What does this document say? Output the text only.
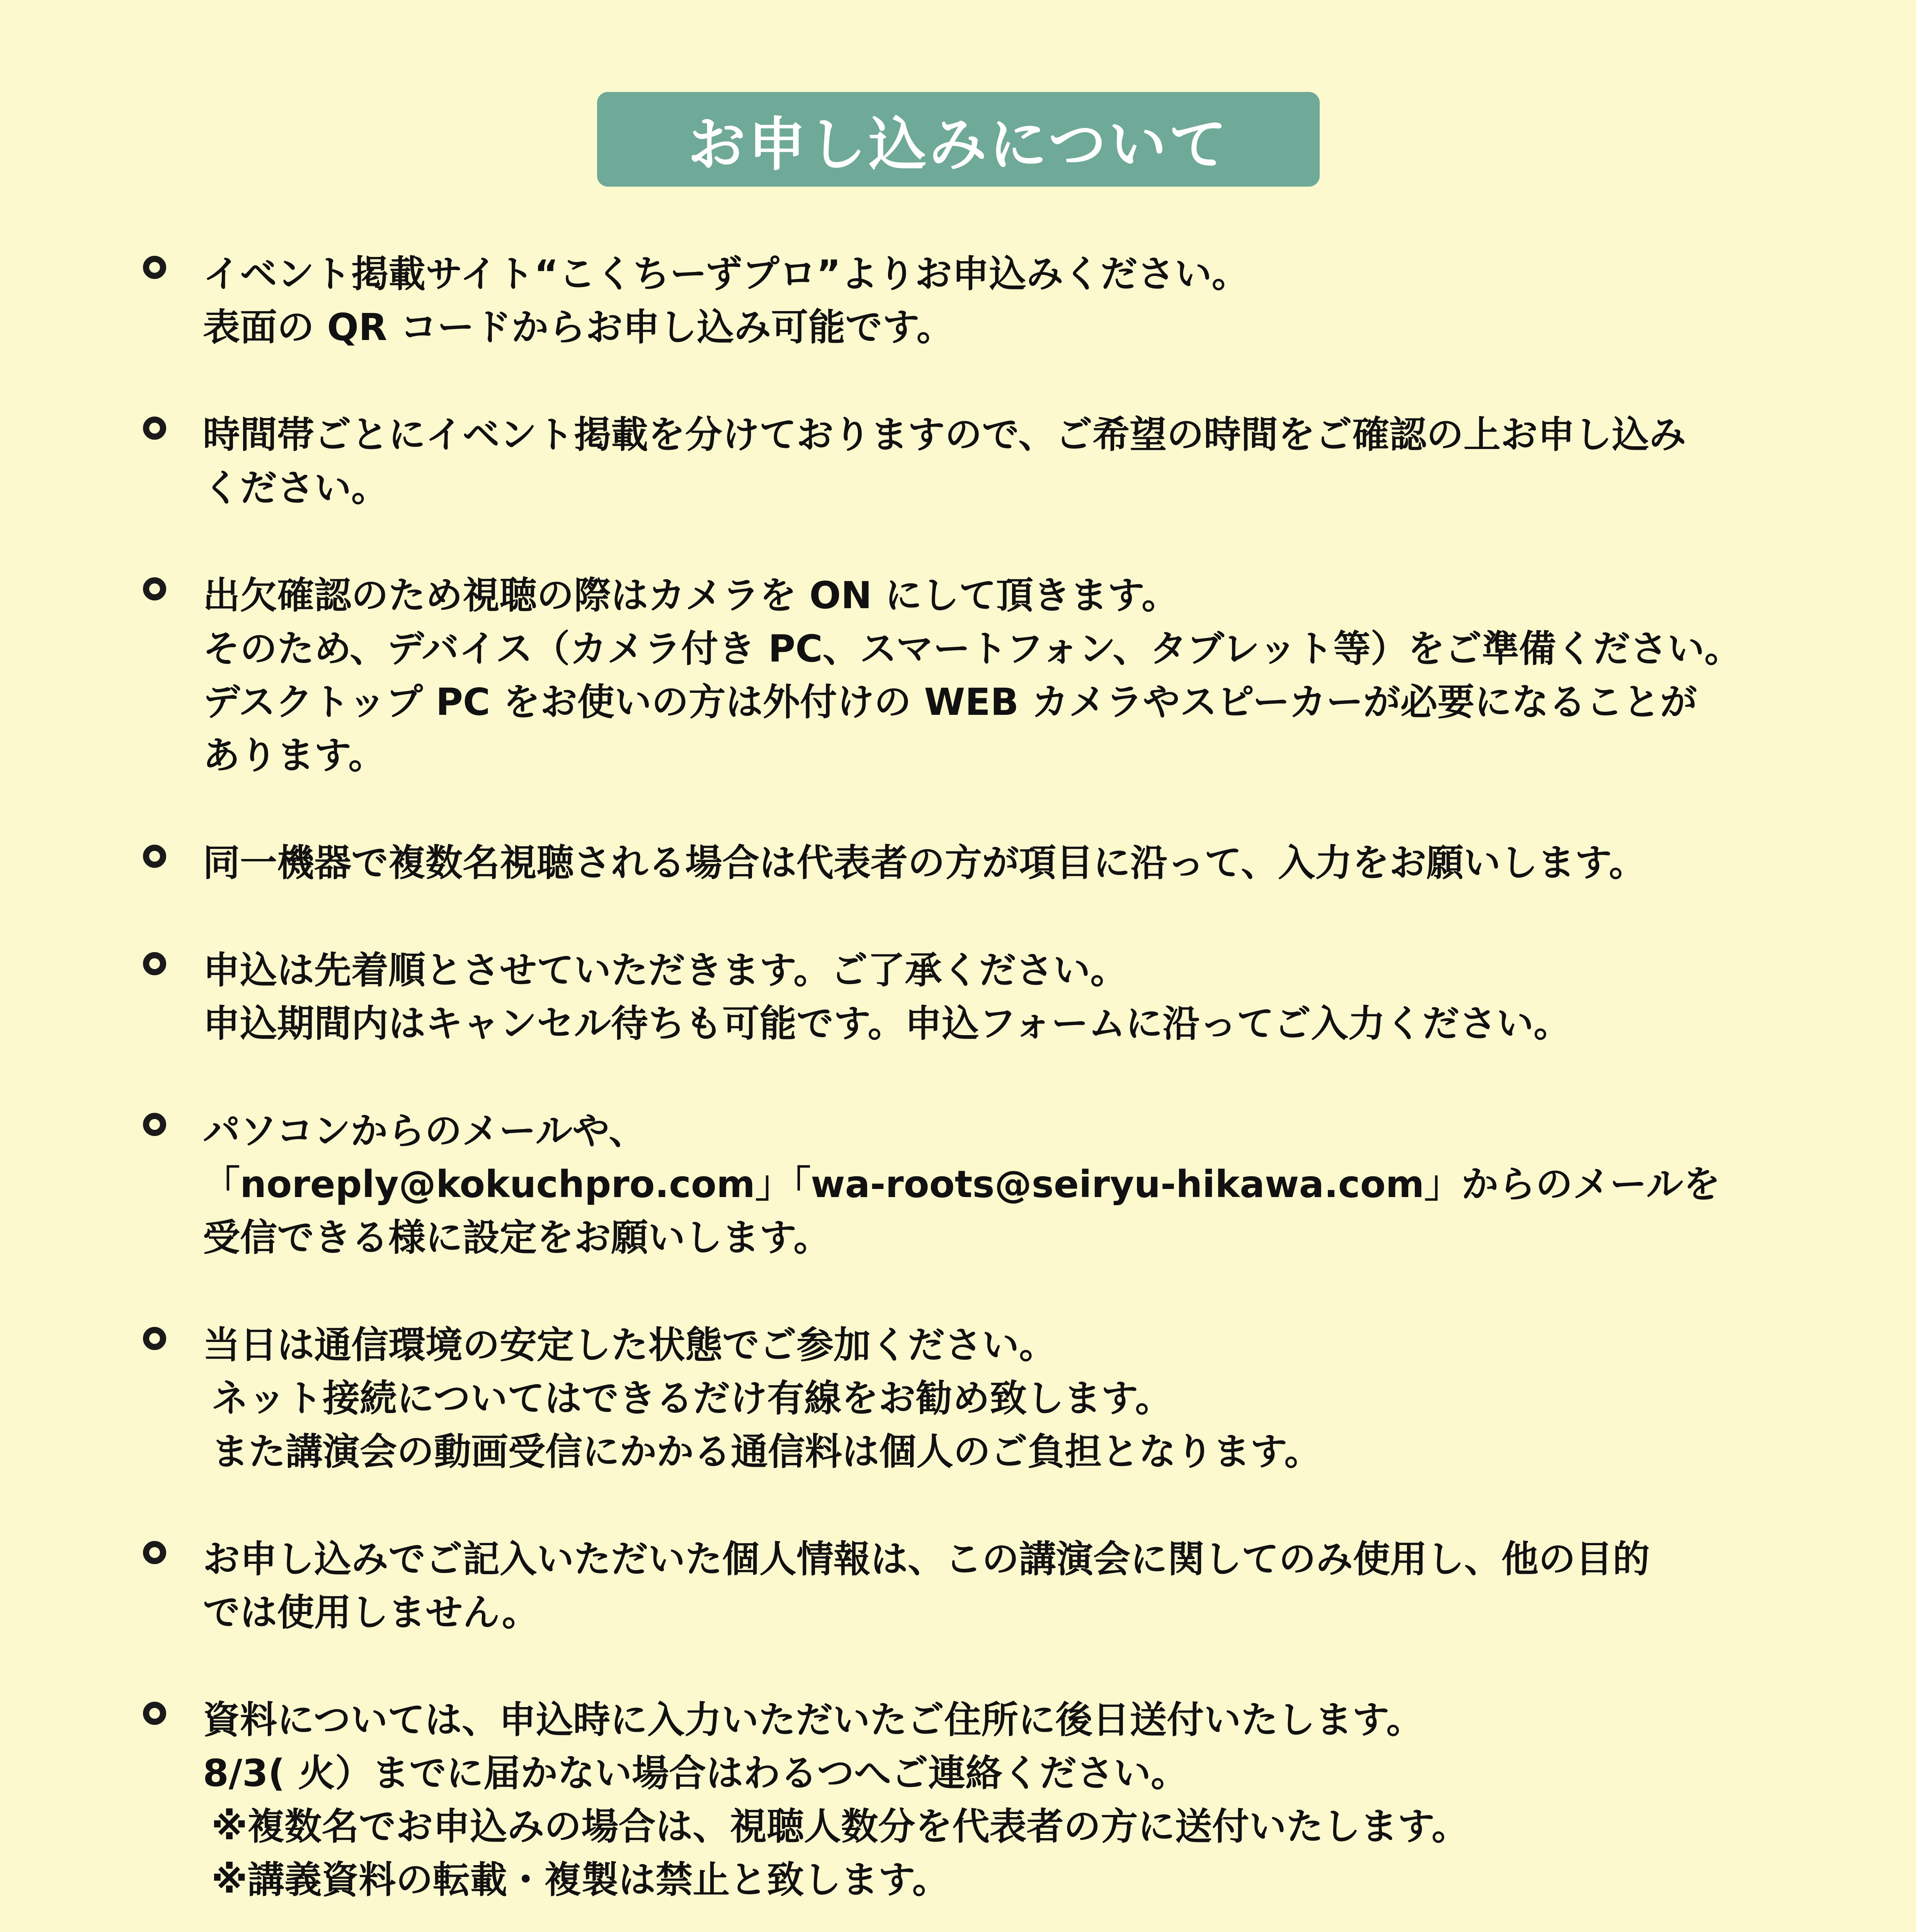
お申し込みについて
イベント掲載サイト“こくちーずプロ”よりお申込みください。
表面の QR コードからお申し込み可能です。
時間帯ごとにイベント掲載を分けておりますので、ご希望の時間をご確認の上お申し込み
ください。
出欠確認のため視聴の際はカメラを ON にして頂きます。
そのため、デバイス（カメラ付き PC、スマートフォン、タブレット等）をご準備ください。
デスクトップ PC をお使いの方は外付けの WEB カメラやスピーカーが必要になることが
あります。
同一機器で複数名視聴される場合は代表者の方が項目に沿って、入力をお願いします。
申込は先着順とさせていただきます。ご了承ください。
申込期間内はキャンセル待ちも可能です。申込フォームに沿ってご入力ください。
パソコンからのメールや、
「noreply@kokuchpro.com」「wa-roots@seiryu-hikawa.com」からのメールを
受信できる様に設定をお願いします。
当日は通信環境の安定した状態でご参加ください。
ネット接続についてはできるだけ有線をお勧め致します。
また講演会の動画受信にかかる通信料は個人のご負担となります。
お申し込みでご記入いただいた個人情報は、この講演会に関してのみ使用し、他の目的
では使用しません。
資料については、申込時に入力いただいたご住所に後日送付いたします。
8/3( 火）までに届かない場合はわるつへご連絡ください。
※複数名でお申込みの場合は、視聴人数分を代表者の方に送付いたします。
※講義資料の転載・複製は禁止と致します。
